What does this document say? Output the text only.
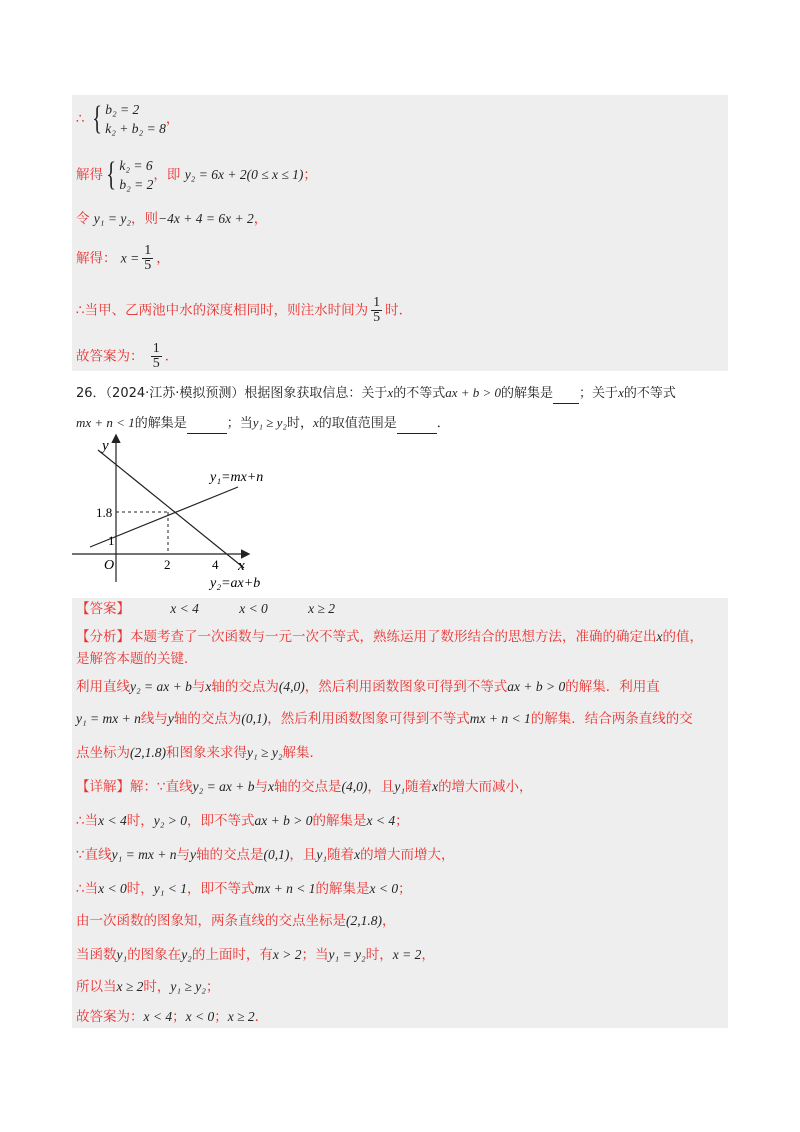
∴ { b₂ = 2
k₂ + b₂ = 8
，
解得{ k₂ = 6
b₂ = 2
，即 y₂ = 6x + 2(0 ≤ x ≤ 1)；
令 y₁ = y₂，则−4x + 4 = 6x + 2，
解得： $x = \frac{1}{5}$ ，
∴当甲、乙两池中水的深度相同时，则注水时间为 $\frac{1}{5}$ 时．
故答案为： $\frac{1}{5}$ ．
26．（2024·江苏·模拟预测）根据图象获取信息：关于x的不等式ax + b > 0的解集是 ；关于x的不等式
mx + n < 1的解集是	；当y₁ ≥ y₂时，x的取值范围是	．
y
x
O
1.8
1
2	4
y₁=mx+n
y₂=ax+b
【答案】	x < 4	x < 0	x ≥ 2
【分析】本题考查了一次函数与一元一次不等式，熟练运用了数形结合的思想方法，准确的确定出x的值，
是解答本题的关键．
利用直线y₂ = ax + b与x轴的交点为(4,0)，然后利用函数图象可得到不等式ax + b > 0的解集．利用直
y₁ = mx + n线与y轴的交点为(0,1)，然后利用函数图象可得到不等式mx + n < 1的解集．结合两条直线的交
点坐标为(2,1.8)和图象来求得y₁ ≥ y₂解集．
【详解】解：∵直线y₂ = ax + b与x轴的交点是(4,0)，且y₁随着x的增大而减小，
∴当x < 4时，y₂ > 0，即不等式ax + b > 0的解集是x < 4；
∵直线y₁ = mx + n与y轴的交点是(0,1)，且y₁随着x的增大而增大，
∴当x < 0时，y₁ < 1，即不等式mx + n < 1的解集是x < 0；
由一次函数的图象知，两条直线的交点坐标是(2,1.8)，
当函数y₁的图象在y₂的上面时，有x > 2；当y₁ = y₂时，x = 2，
所以当x ≥ 2时，y₁ ≥ y₂；
故答案为：x < 4；x < 0；x ≥ 2．
